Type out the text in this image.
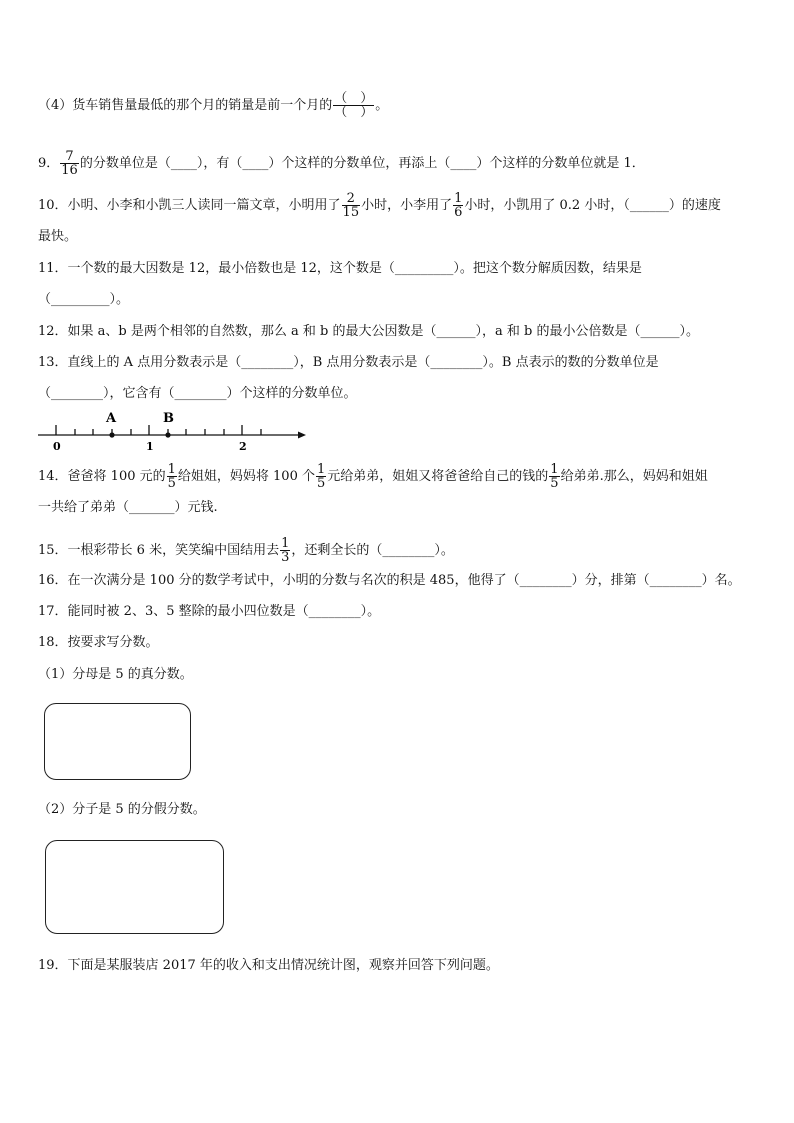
（4）货车销售量最低的那个月的销量是前一个月的 $\frac{( )}{( )}$ 。
9． $\frac{7}{16}$ 的分数单位是（____），有（____）个这样的分数单位，再添上（____）个这样的分数单位就是 1．
10．小明、小李和小凯三人读同一篇文章，小明用了 $\frac{2}{15}$ 小时，小李用了 $\frac{1}{6}$ 小时，小凯用了 0.2 小时，（______）的速度
最快。
11．一个数的最大因数是 12，最小倍数也是 12，这个数是（_________）。把这个数分解质因数，结果是
（_________）。
12．如果 a、b 是两个相邻的自然数，那么 a 和 b 的最大公因数是（______），a 和 b 的最小公倍数是（______）。
13．直线上的 A 点用分数表示是（________），B 点用分数表示是（________）。B 点表示的数的分数单位是
（________），它含有（________）个这样的分数单位。
A	B
0	1	2
14．爸爸将 100 元的 $\frac{1}{5}$ 给姐姐，妈妈将 100 个 $\frac{1}{5}$ 元给弟弟，姐姐又将爸爸给自己的钱的 $\frac{1}{5}$ 给弟弟.那么，妈妈和姐姐
一共给了弟弟（_______）元钱.
15．一根彩带长 6 米，笑笑编中国结用去 $\frac{1}{3}$ ，还剩全长的（________）。
16．在一次满分是 100 分的数学考试中，小明的分数与名次的积是 485，他得了（________）分，排第（________）名。
17．能同时被 2、3、5 整除的最小四位数是（________）。
18．按要求写分数。
（1）分母是 5 的真分数。
（2）分子是 5 的分假分数。
19．下面是某服装店 2017 年的收入和支出情况统计图，观察并回答下列问题。
